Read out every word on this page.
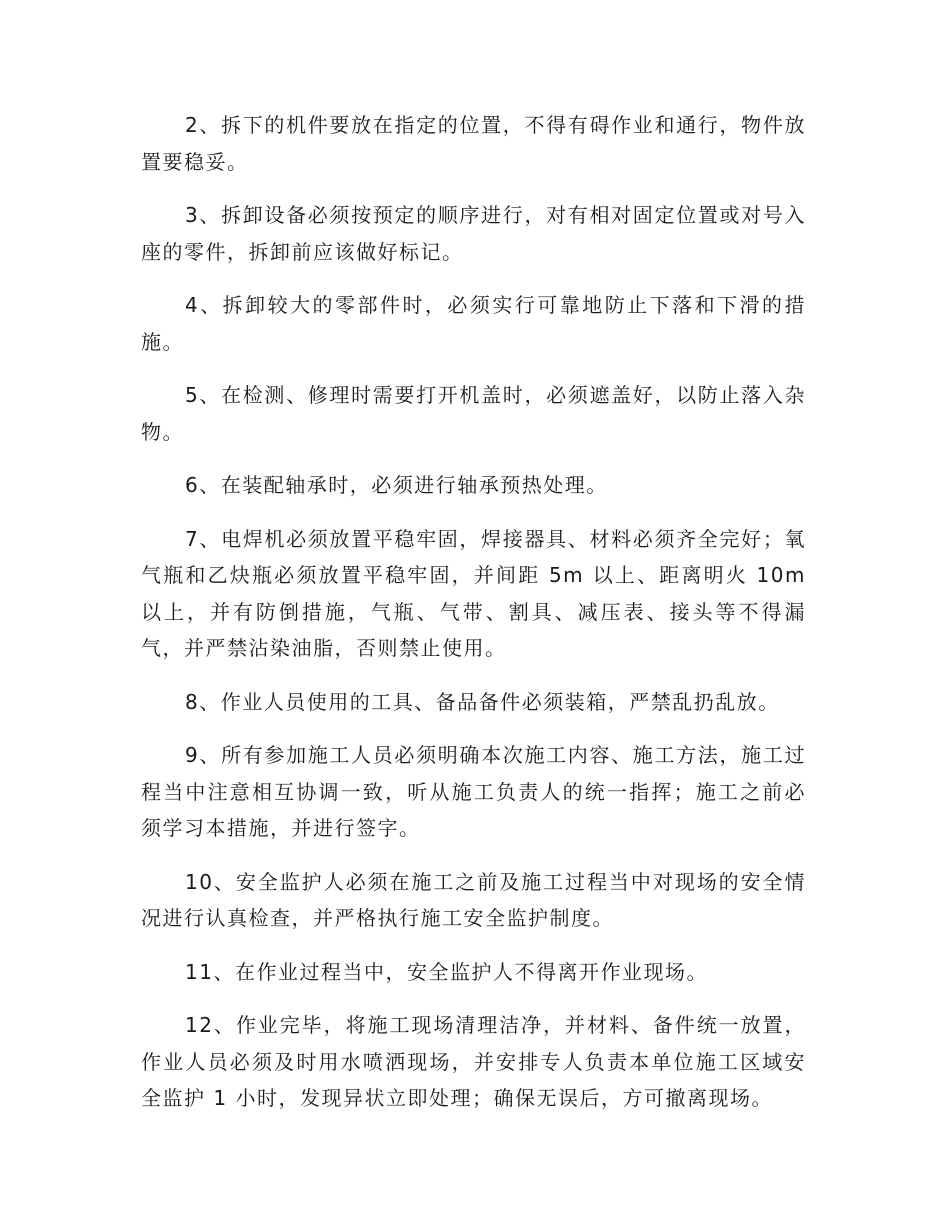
2、拆下的机件要放在指定的位置，不得有碍作业和通行，物件放置要稳妥。

3、拆卸设备必须按预定的顺序进行，对有相对固定位置或对号入座的零件，拆卸前应该做好标记。

4、拆卸较大的零部件时，必须实行可靠地防止下落和下滑的措施。

5、在检测、修理时需要打开机盖时，必须遮盖好，以防止落入杂物。

6、在装配轴承时，必须进行轴承预热处理。

7、电焊机必须放置平稳牢固，焊接器具、材料必须齐全完好；氧气瓶和乙炔瓶必须放置平稳牢固，并间距 5m 以上、距离明火 10m 以上，并有防倒措施，气瓶、气带、割具、减压表、接头等不得漏气，并严禁沾染油脂，否则禁止使用。

8、作业人员使用的工具、备品备件必须装箱，严禁乱扔乱放。

9、所有参加施工人员必须明确本次施工内容、施工方法，施工过程当中注意相互协调一致，听从施工负责人的统一指挥；施工之前必须学习本措施，并进行签字。

10、安全监护人必须在施工之前及施工过程当中对现场的安全情况进行认真检查，并严格执行施工安全监护制度。

11、在作业过程当中，安全监护人不得离开作业现场。

12、作业完毕，将施工现场清理洁净，并材料、备件统一放置，作业人员必须及时用水喷洒现场，并安排专人负责本单位施工区域安全监护 1 小时，发现异状立即处理；确保无误后，方可撤离现场。
